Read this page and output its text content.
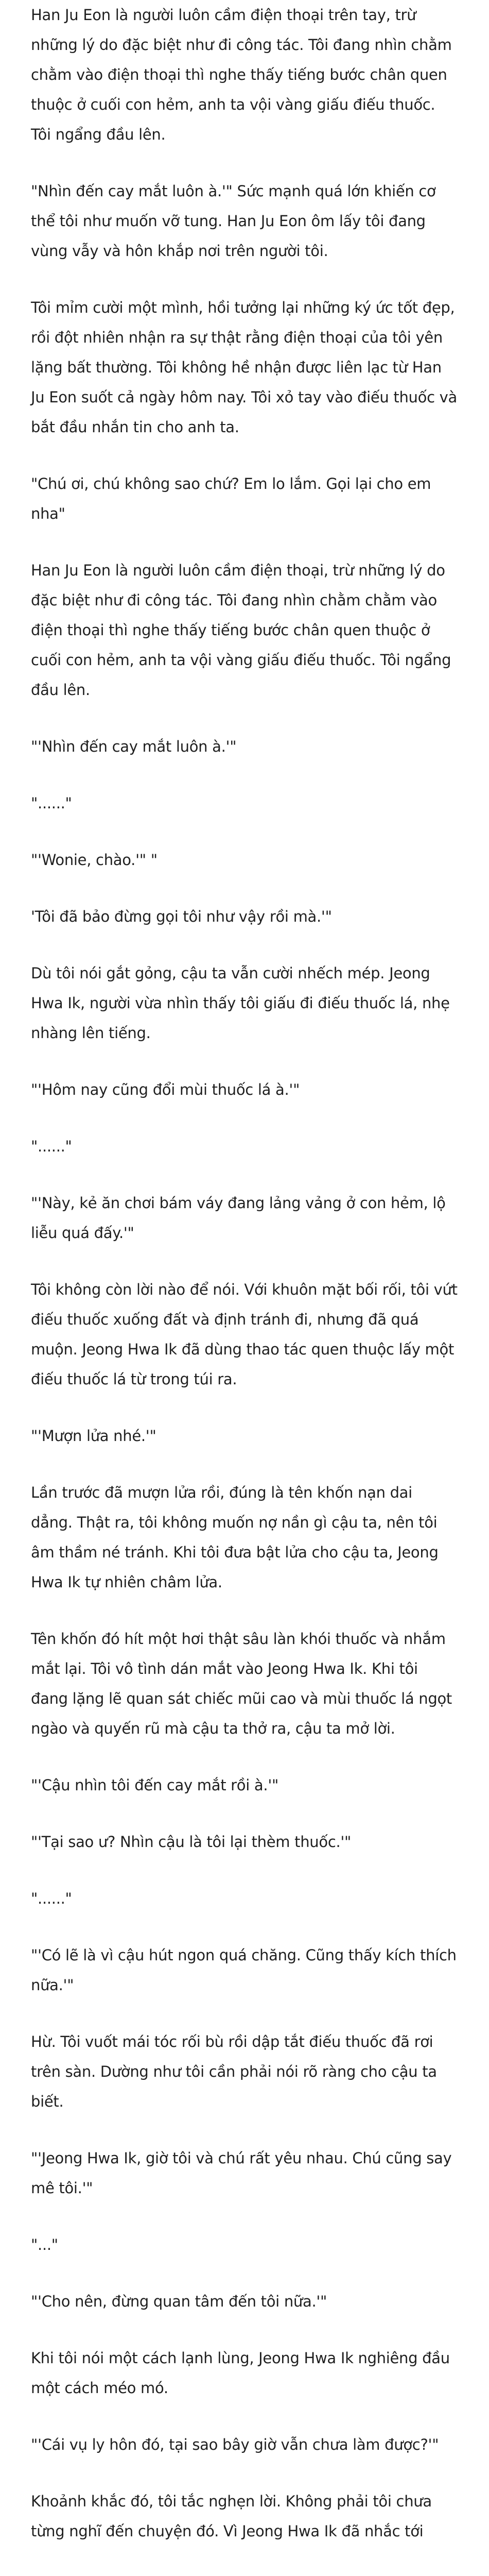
Han Ju Eon là người luôn cầm điện thoại trên tay, trừ những lý do đặc biệt như đi công tác. Tôi đang nhìn chằm chằm vào điện thoại thì nghe thấy tiếng bước chân quen thuộc ở cuối con hẻm, anh ta vội vàng giấu điếu thuốc. Tôi ngẩng đầu lên.

"Nhìn đến cay mắt luôn à.'" Sức mạnh quá lớn khiến cơ thể tôi như muốn vỡ tung. Han Ju Eon ôm lấy tôi đang vùng vẫy và hôn khắp nơi trên người tôi.

Tôi mỉm cười một mình, hồi tưởng lại những ký ức tốt đẹp, rồi đột nhiên nhận ra sự thật rằng điện thoại của tôi yên lặng bất thường. Tôi không hề nhận được liên lạc từ Han Ju Eon suốt cả ngày hôm nay. Tôi xỏ tay vào điếu thuốc và bắt đầu nhắn tin cho anh ta.

"Chú ơi, chú không sao chứ? Em lo lắm. Gọi lại cho em nha"

Han Ju Eon là người luôn cầm điện thoại, trừ những lý do đặc biệt như đi công tác. Tôi đang nhìn chằm chằm vào điện thoại thì nghe thấy tiếng bước chân quen thuộc ở cuối con hẻm, anh ta vội vàng giấu điếu thuốc. Tôi ngẩng đầu lên.

"'Nhìn đến cay mắt luôn à.'"

"......"

"'Wonie, chào.'" "

'Tôi đã bảo đừng gọi tôi như vậy rồi mà.'"

Dù tôi nói gắt gỏng, cậu ta vẫn cười nhếch mép. Jeong Hwa Ik, người vừa nhìn thấy tôi giấu đi điếu thuốc lá, nhẹ nhàng lên tiếng.

"'Hôm nay cũng đổi mùi thuốc lá à.'"

"......"

"'Này, kẻ ăn chơi bám váy đang lảng vảng ở con hẻm, lộ liễu quá đấy.'"

Tôi không còn lời nào để nói. Với khuôn mặt bối rối, tôi vứt điếu thuốc xuống đất và định tránh đi, nhưng đã quá muộn. Jeong Hwa Ik đã dùng thao tác quen thuộc lấy một điếu thuốc lá từ trong túi ra.

"'Mượn lửa nhé.'"

Lần trước đã mượn lửa rồi, đúng là tên khốn nạn dai dẳng. Thật ra, tôi không muốn nợ nần gì cậu ta, nên tôi âm thầm né tránh. Khi tôi đưa bật lửa cho cậu ta, Jeong Hwa Ik tự nhiên châm lửa.

Tên khốn đó hít một hơi thật sâu làn khói thuốc và nhắm mắt lại. Tôi vô tình dán mắt vào Jeong Hwa Ik. Khi tôi đang lặng lẽ quan sát chiếc mũi cao và mùi thuốc lá ngọt ngào và quyến rũ mà cậu ta thở ra, cậu ta mở lời.

"'Cậu nhìn tôi đến cay mắt rồi à.'"

"'Tại sao ư? Nhìn cậu là tôi lại thèm thuốc.'"

"......"

"'Có lẽ là vì cậu hút ngon quá chăng. Cũng thấy kích thích nữa.'"

Hừ. Tôi vuốt mái tóc rối bù rồi dập tắt điếu thuốc đã rơi trên sàn. Dường như tôi cần phải nói rõ ràng cho cậu ta biết.

"'Jeong Hwa Ik, giờ tôi và chú rất yêu nhau. Chú cũng say mê tôi.'"

"..."

"'Cho nên, đừng quan tâm đến tôi nữa.'"

Khi tôi nói một cách lạnh lùng, Jeong Hwa Ik nghiêng đầu một cách méo mó.

"'Cái vụ ly hôn đó, tại sao bây giờ vẫn chưa làm được?'"

Khoảnh khắc đó, tôi tắc nghẹn lời. Không phải tôi chưa từng nghĩ đến chuyện đó. Vì Jeong Hwa Ik đã nhắc tới
